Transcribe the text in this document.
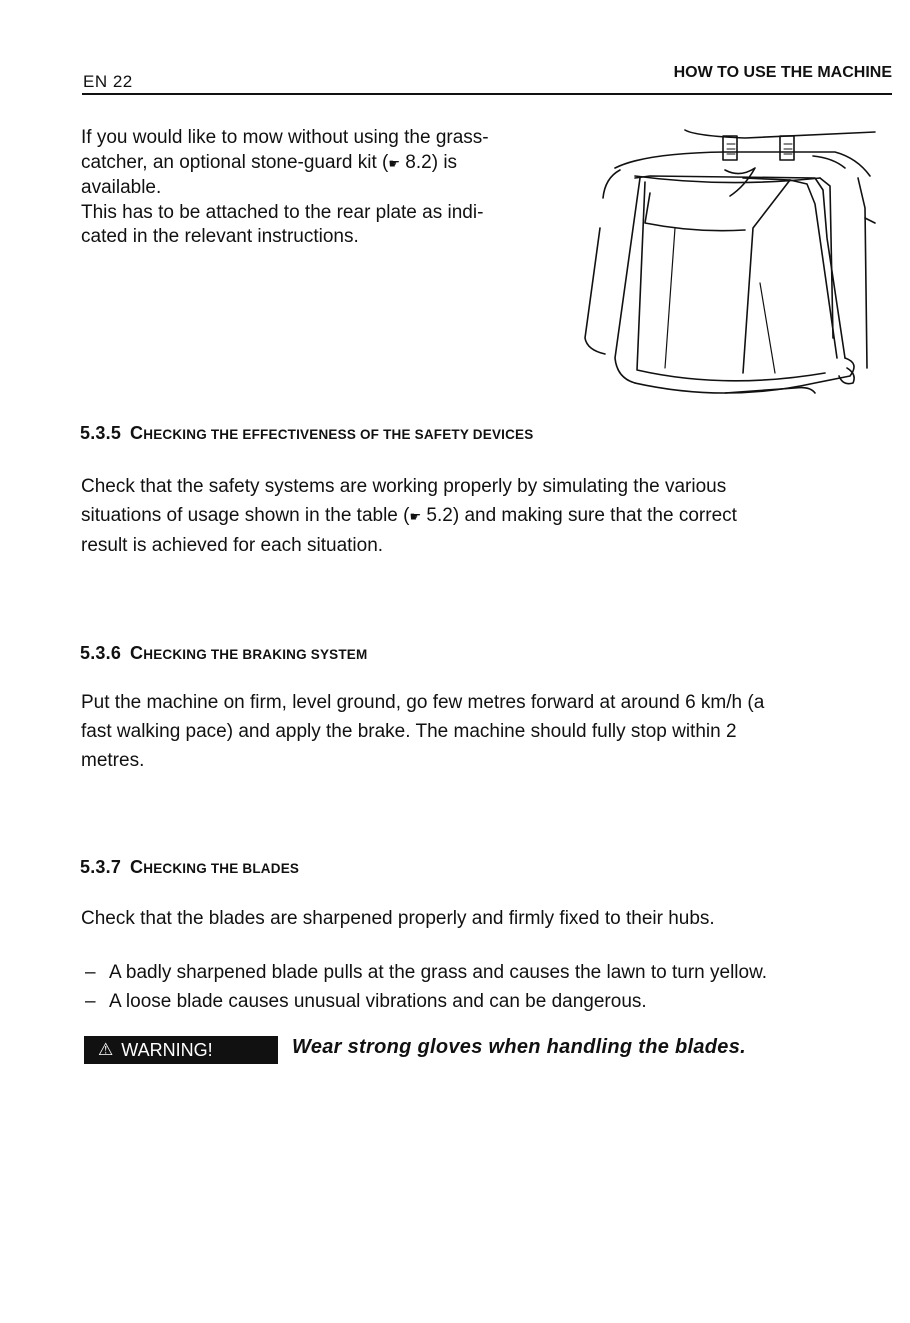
EN 22	HOW TO USE THE MACHINE
If you would like to mow without using the grass-
catcher, an optional stone-guard kit (☛ 8.2) is
available.
This has to be attached to the rear plate as indi-
cated in the relevant instructions.
5.3.5 CHECKING THE EFFECTIVENESS OF THE SAFETY DEVICES
Check that the safety systems are working properly by simulating the various
situations of usage shown in the table (☛ 5.2) and making sure that the correct
result is achieved for each situation.
5.3.6 CHECKING THE BRAKING SYSTEM
Put the machine on firm, level ground, go few metres forward at around 6 km/h (a
fast walking pace) and apply the brake. The machine should fully stop within 2
metres.
5.3.7 CHECKING THE BLADES
Check that the blades are sharpened properly and firmly fixed to their hubs.
– A badly sharpened blade pulls at the grass and causes the lawn to turn yellow.
– A loose blade causes unusual vibrations and can be dangerous.
⚠ WARNING!	Wear strong gloves when handling the blades.
